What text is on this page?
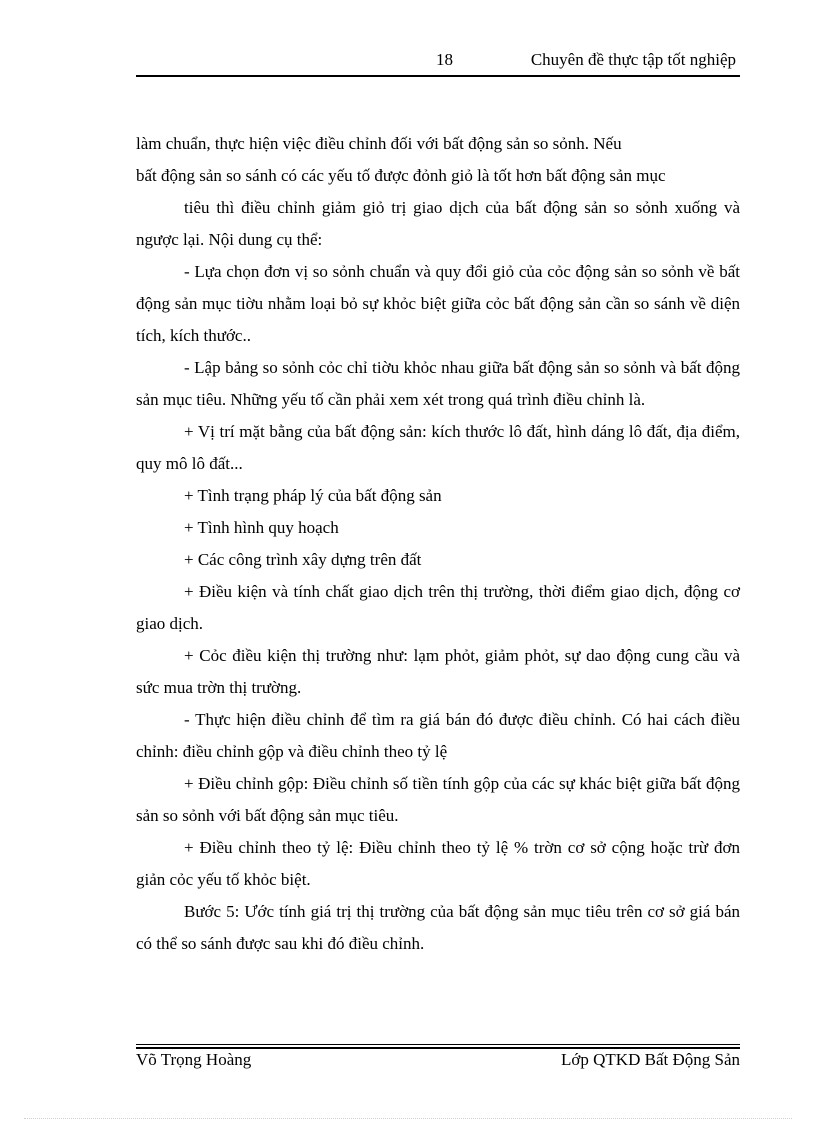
18	Chuyên đề thực tập tốt nghiệp

làm chuẩn, thực hiện việc điều chỉnh đối với bất động sản so sỏnh. Nếu

bất động sản so sánh có các yếu tố được đỏnh giỏ là tốt hơn bất động sản mục

tiêu thì điều chỉnh giảm giỏ trị giao dịch của bất động sản so sỏnh xuống và ngược lại. Nội dung cụ thể:

- Lựa chọn đơn vị so sỏnh chuẩn và quy đổi giỏ của cỏc động sản so sỏnh về bất động sản mục tiờu nhằm loại bỏ sự khỏc biệt giữa cỏc bất động sản cần so sánh về diện tích, kích thước..

- Lập bảng so sỏnh cỏc chỉ tiờu khỏc nhau giữa bất động sản so sỏnh và bất động sản mục tiêu. Những yếu tố cần phải xem xét trong quá trình điều chỉnh là.

+ Vị trí mặt bằng của bất động sản: kích thước lô đất, hình dáng lô đất, địa điểm, quy mô lô đất...

+ Tình trạng pháp lý của bất động sản

+ Tình hình quy hoạch

+ Các công trình xây dựng trên đất

+ Điều kiện và tính chất giao dịch trên thị trường, thời điểm giao dịch, động cơ giao dịch.

+ Cỏc điều kiện thị trường như: lạm phỏt, giảm phỏt, sự dao động cung cầu và sức mua trờn thị trường.

- Thực hiện điều chỉnh để tìm ra giá bán đó được điều chỉnh. Có hai cách điều chỉnh: điều chỉnh gộp và điều chỉnh theo tỷ lệ

+ Điều chỉnh gộp: Điều chỉnh số tiền tính gộp của các sự khác biệt giữa bất động sản so sỏnh với bất động sản mục tiêu.

+ Điều chỉnh theo tỷ lệ: Điều chỉnh theo tỷ lệ % trờn cơ sở cộng hoặc trừ đơn giản cỏc yếu tố khỏc biệt.

Bước 5: Ước tính giá trị thị trường của bất động sản mục tiêu trên cơ sở giá bán có thể so sánh được sau khi đó điều chỉnh.

Võ Trọng Hoàng	Lớp QTKD Bất Động Sản
